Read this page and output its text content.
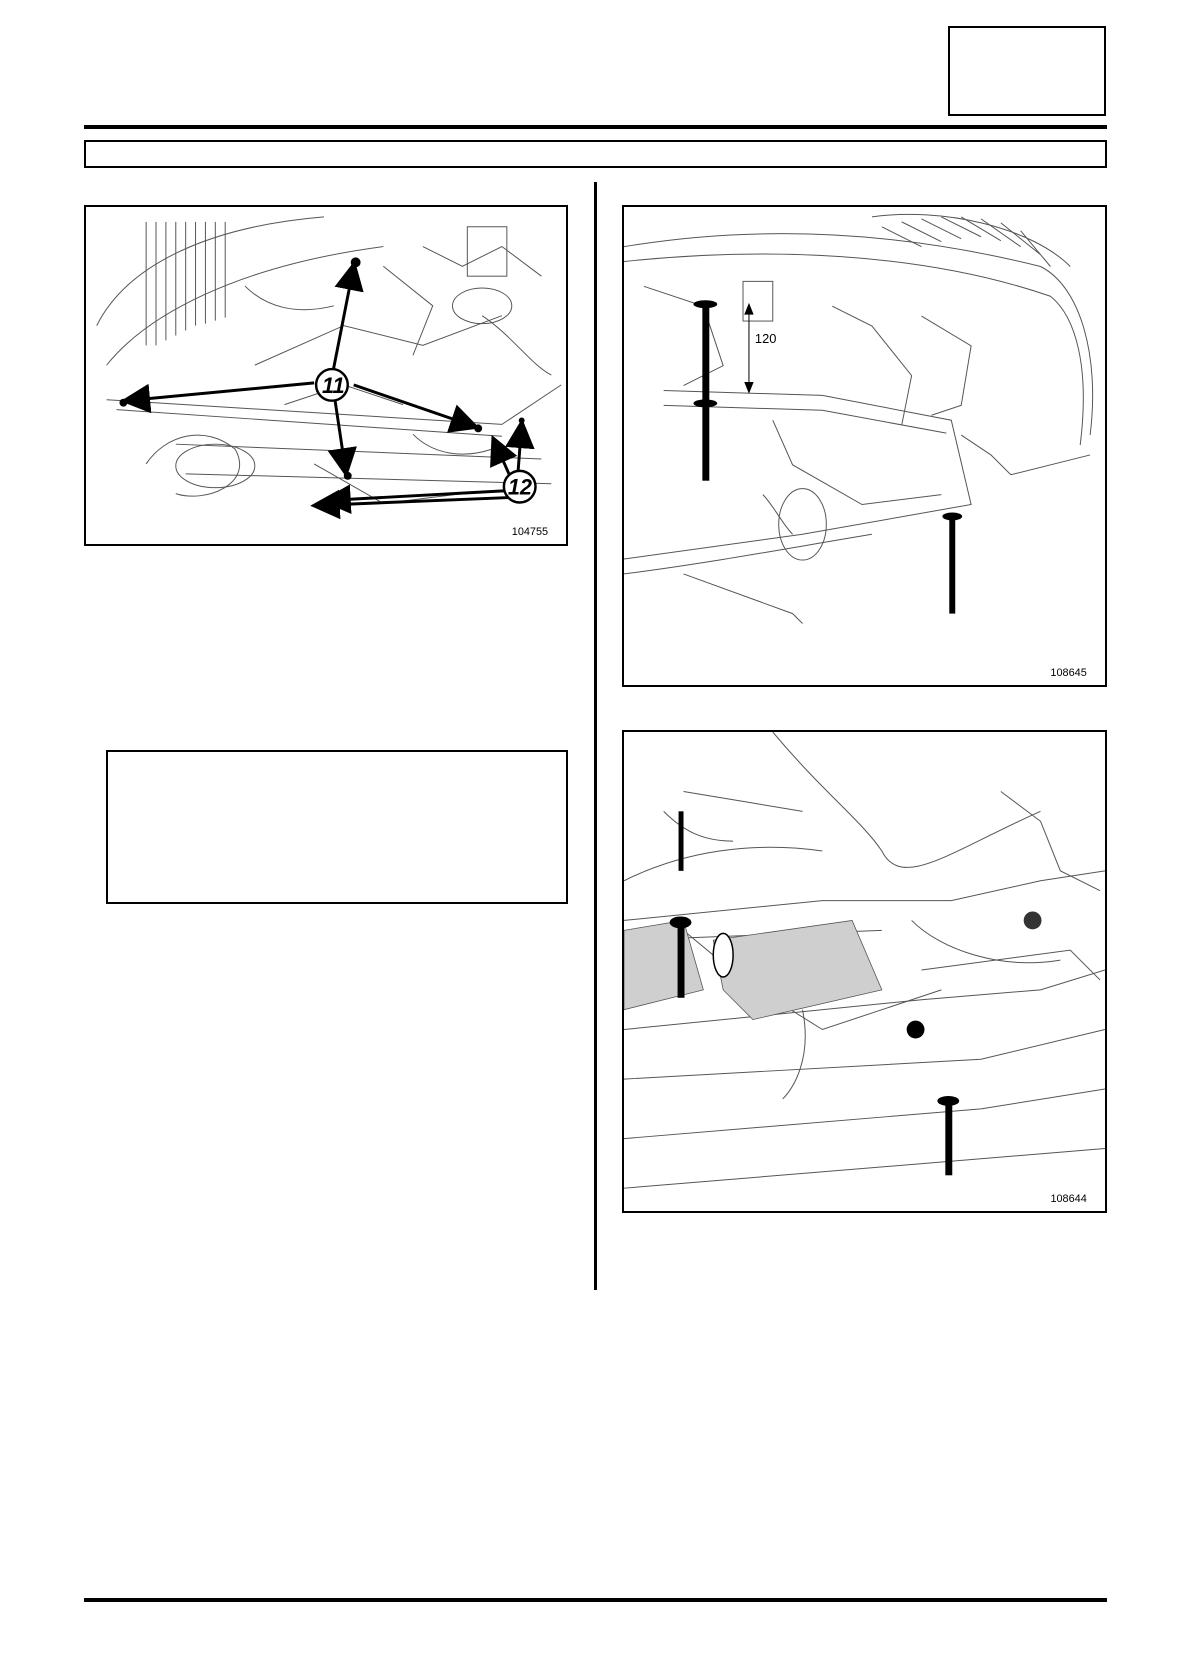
11
12
104755
120
108645
108644
